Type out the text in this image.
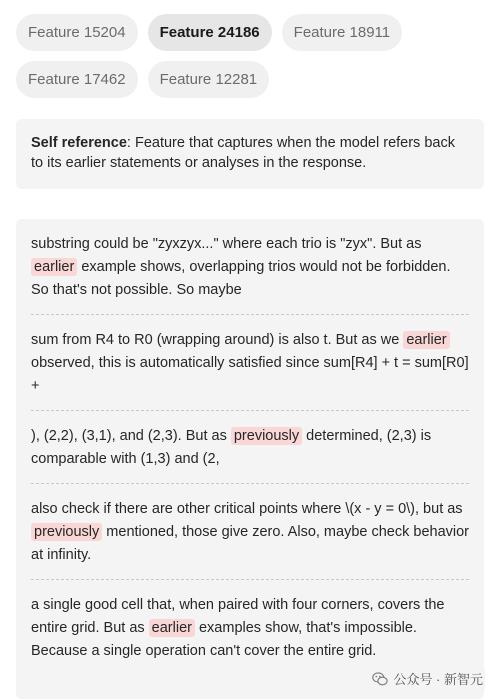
Feature 15204	Feature 24186	Feature 18911
Feature 17462	Feature 12281
Self reference: Feature that captures when the model refers back to its earlier statements or analyses in the response.
substring could be "zyxzyx..." where each trio is "zyx". But as earlier example shows, overlapping trios would not be forbidden. So that's not possible. So maybe
sum from R4 to R0 (wrapping around) is also t. But as we earlier observed, this is automatically satisfied since sum[R4] + t = sum[R0] +
), (2,2), (3,1), and (2,3). But as previously determined, (2,3) is comparable with (1,3) and (2,
also check if there are other critical points where \(x - y = 0\), but as previously mentioned, those give zero. Also, maybe check behavior at infinity.
a single good cell that, when paired with four corners, covers the entire grid. But as earlier examples show, that's impossible. Because a single operation can't cover the entire grid.
公众号 · 新智元
